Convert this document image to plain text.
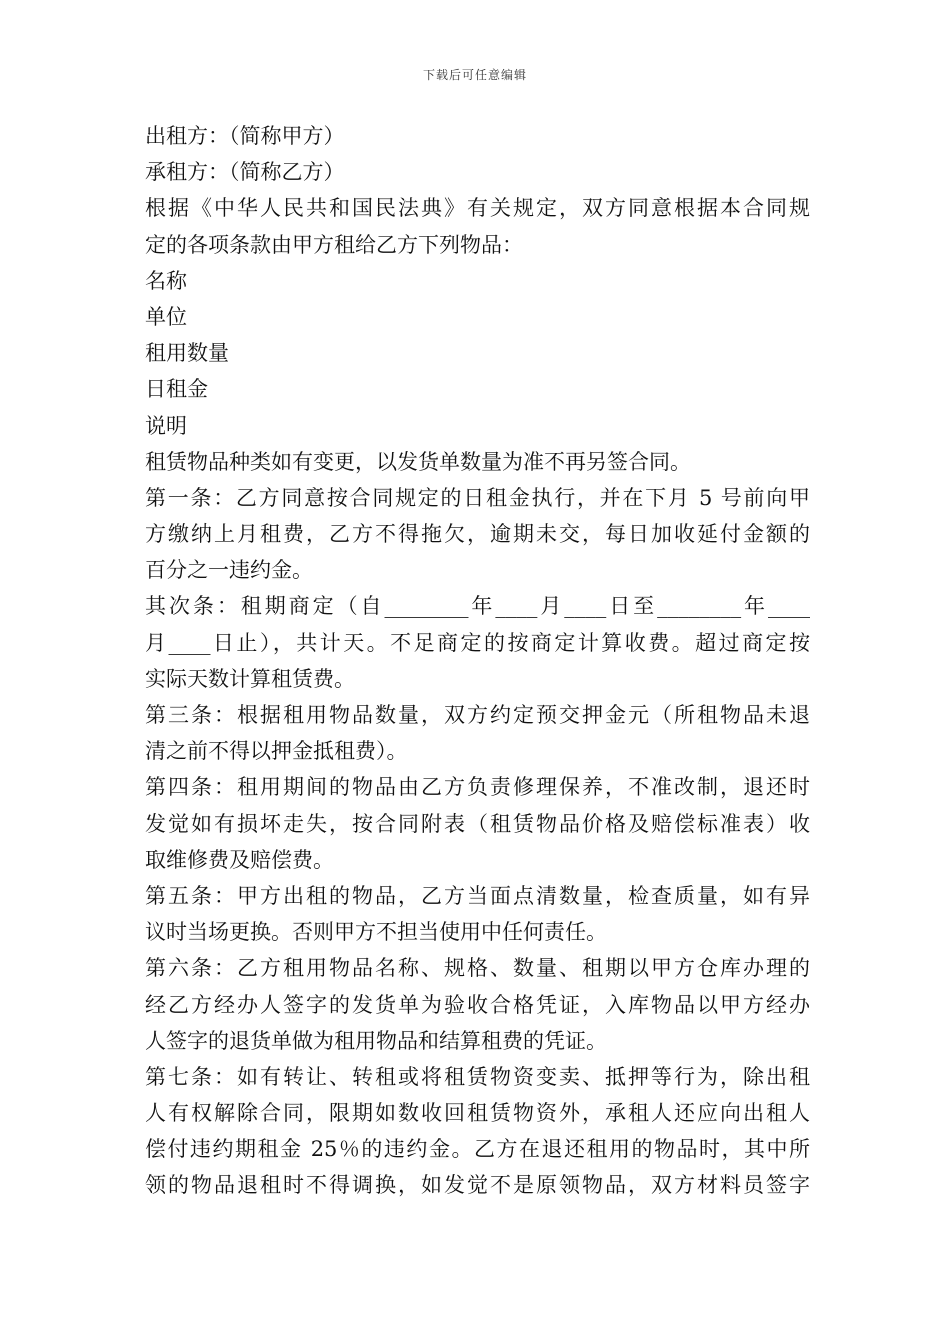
下载后可任意编辑
出租方：（简称甲方）
承租方：（简称乙方）
根据《中华人民共和国民法典》有关规定，双方同意根据本合同规
定的各项条款由甲方租给乙方下列物品：
名称
单位
租用数量
日租金
说明
租赁物品种类如有变更，以发货单数量为准不再另签合同。
第一条：乙方同意按合同规定的日租金执行，并在下月 5 号前向甲
方缴纳上月租费，乙方不得拖欠，逾期未交，每日加收延付金额的
百分之一违约金。
其次条：租期商定（自________年____月____日至________年____
月____日止），共计天。不足商定的按商定计算收费。超过商定按
实际天数计算租赁费。
第三条：根据租用物品数量，双方约定预交押金元（所租物品未退
清之前不得以押金抵租费）。
第四条：租用期间的物品由乙方负责修理保养，不准改制，退还时
发觉如有损坏走失，按合同附表（租赁物品价格及赔偿标准表）收
取维修费及赔偿费。
第五条：甲方出租的物品，乙方当面点清数量，检查质量，如有异
议时当场更换。否则甲方不担当使用中任何责任。
第六条：乙方租用物品名称、规格、数量、租期以甲方仓库办理的
经乙方经办人签字的发货单为验收合格凭证，入库物品以甲方经办
人签字的退货单做为租用物品和结算租费的凭证。
第七条：如有转让、转租或将租赁物资变卖、抵押等行为，除出租
人有权解除合同，限期如数收回租赁物资外，承租人还应向出租人
偿付违约期租金 25％的违约金。乙方在退还租用的物品时，其中所
领的物品退租时不得调换，如发觉不是原领物品，双方材料员签字
